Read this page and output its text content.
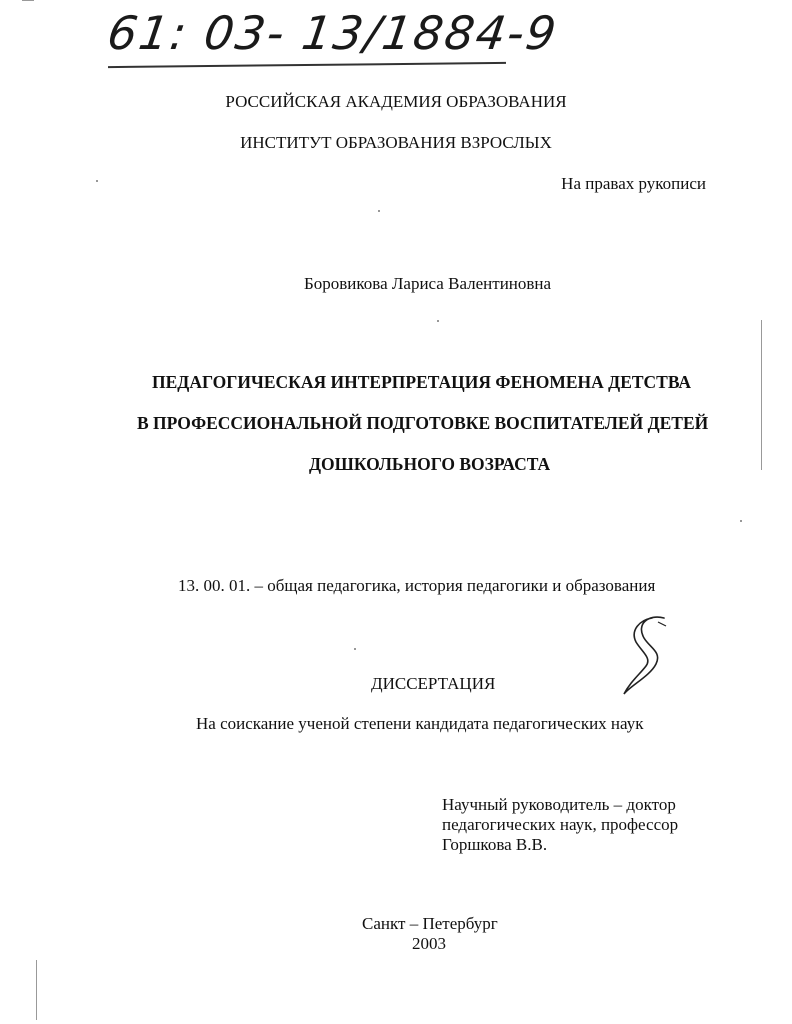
61: 03- 13/1884-9
РОССИЙСКАЯ АКАДЕМИЯ ОБРАЗОВАНИЯ
ИНСТИТУТ ОБРАЗОВАНИЯ ВЗРОСЛЫХ
На правах рукописи
Боровикова Лариса Валентиновна
ПЕДАГОГИЧЕСКАЯ ИНТЕРПРЕТАЦИЯ ФЕНОМЕНА ДЕТСТВА
В ПРОФЕССИОНАЛЬНОЙ ПОДГОТОВКЕ ВОСПИТАТЕЛЕЙ ДЕТЕЙ
ДОШКОЛЬНОГО ВОЗРАСТА
13. 00. 01. – общая педагогика, история педагогики и образования
ДИССЕРТАЦИЯ
На соискание ученой степени кандидата педагогических наук
Научный руководитель – доктор
педагогических наук, профессор
Горшкова В.В.
Санкт – Петербург
2003
